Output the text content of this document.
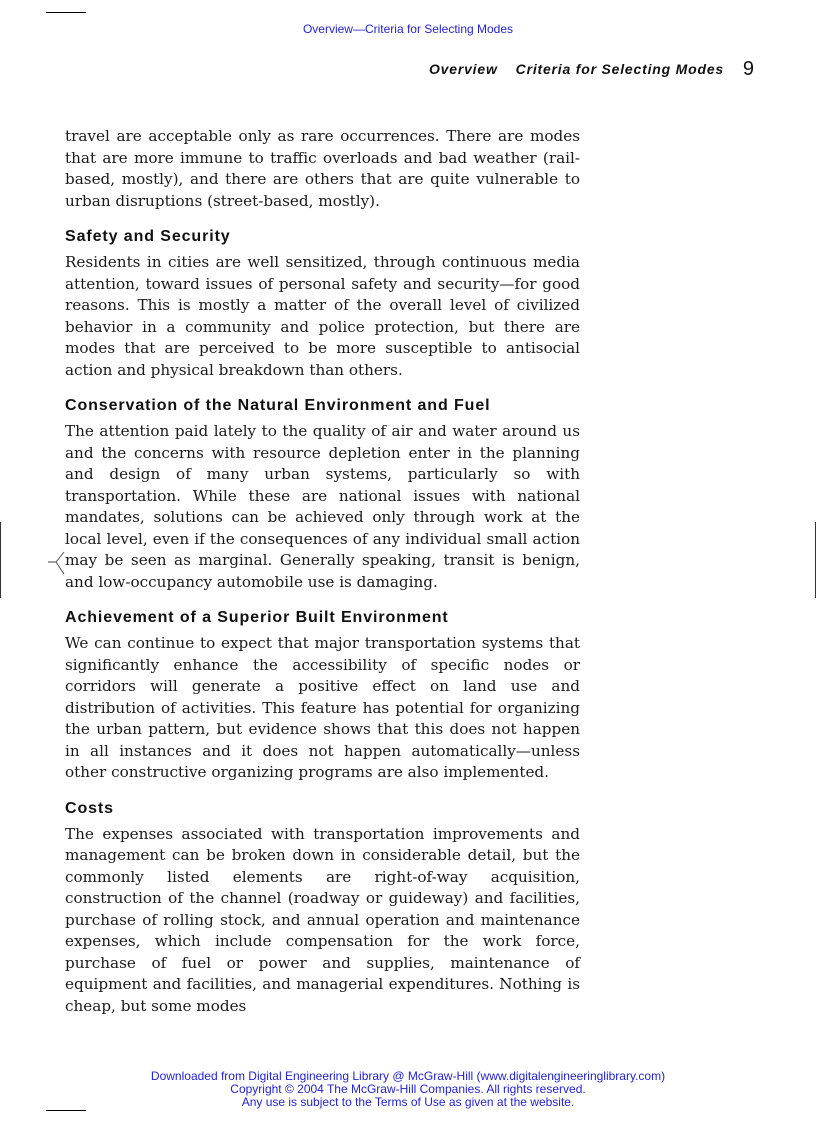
Overview—Criteria for Selecting Modes
Overview Criteria for Selecting Modes 9

travel are acceptable only as rare occurrences. There are modes that are more immune to traffic overloads and bad weather (rail-based, mostly), and there are others that are quite vulnerable to urban disruptions (street-based, mostly).

Safety and Security

Residents in cities are well sensitized, through continuous media attention, toward issues of personal safety and security—for good reasons. This is mostly a matter of the overall level of civilized behavior in a community and police protection, but there are modes that are perceived to be more susceptible to antisocial action and physical breakdown than others.

Conservation of the Natural Environment and Fuel

The attention paid lately to the quality of air and water around us and the concerns with resource depletion enter in the planning and design of many urban systems, particularly so with transportation. While these are national issues with national mandates, solutions can be achieved only through work at the local level, even if the consequences of any individual small action may be seen as marginal. Generally speaking, transit is benign, and low-occupancy automobile use is damaging.

Achievement of a Superior Built Environment

We can continue to expect that major transportation systems that significantly enhance the accessibility of specific nodes or corridors will generate a positive effect on land use and distribution of activities. This feature has potential for organizing the urban pattern, but evidence shows that this does not happen in all instances and it does not happen automatically—unless other constructive organizing programs are also implemented.

Costs

The expenses associated with transportation improvements and management can be broken down in considerable detail, but the commonly listed elements are right-of-way acquisition, construction of the channel (roadway or guideway) and facilities, purchase of rolling stock, and annual operation and maintenance expenses, which include compensation for the work force, purchase of fuel or power and supplies, maintenance of equipment and facilities, and managerial expenditures. Nothing is cheap, but some modes

Downloaded from Digital Engineering Library @ McGraw-Hill (www.digitalengineeringlibrary.com)
Copyright © 2004 The McGraw-Hill Companies. All rights reserved.
Any use is subject to the Terms of Use as given at the website.
